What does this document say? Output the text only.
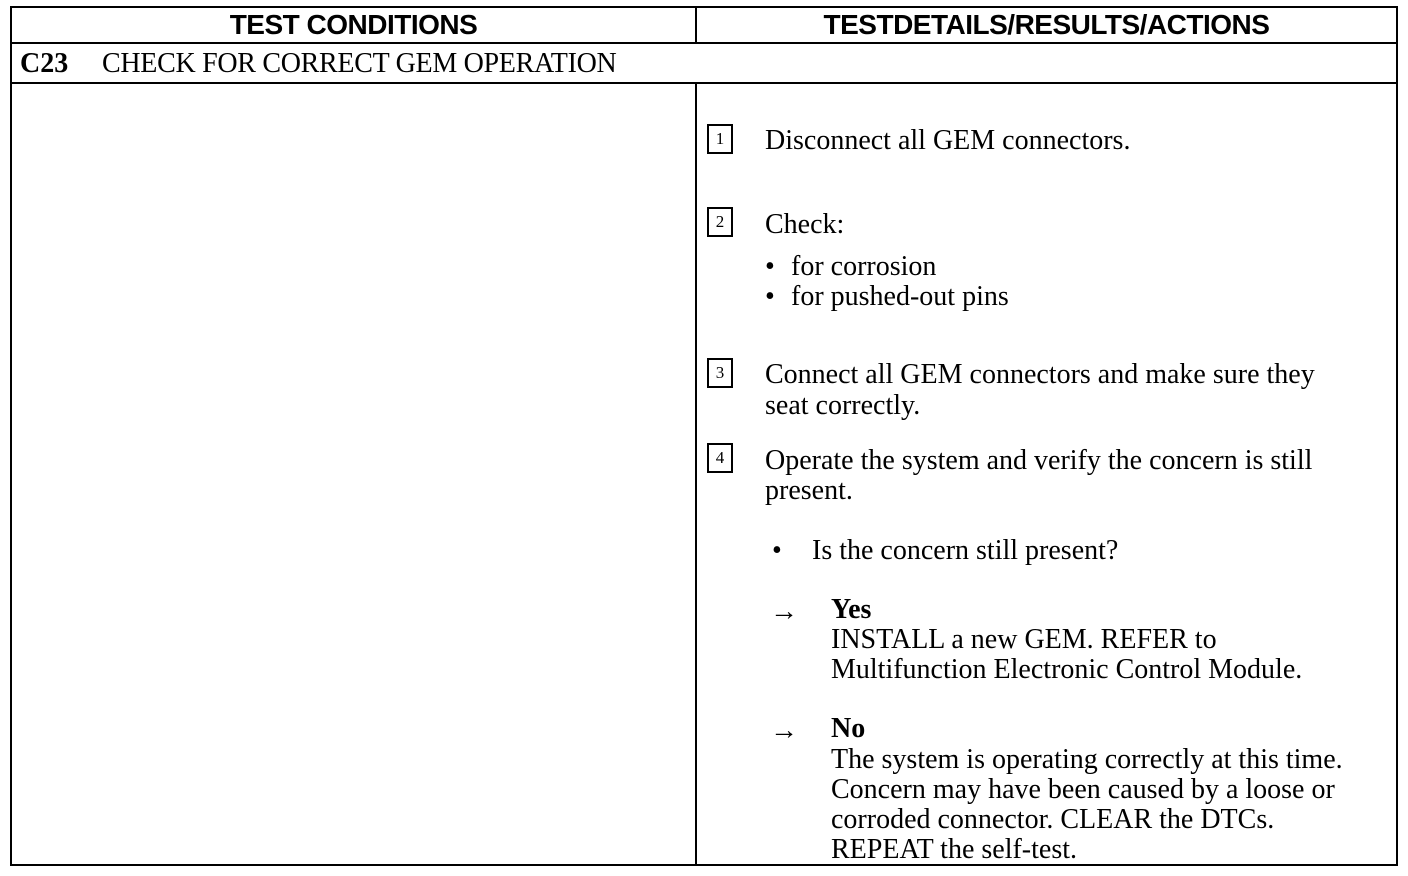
TEST CONDITIONS	TESTDETAILS/RESULTS/ACTIONS
C23 CHECK FOR CORRECT GEM OPERATION
1	Disconnect all GEM connectors.
2	Check:
• for corrosion
• for pushed-out pins
3	Connect all GEM connectors and make sure they
seat correctly.
4	Operate the system and verify the concern is still
present.
• Is the concern still present?
→ Yes
INSTALL a new GEM. REFER to
Multifunction Electronic Control Module.
→ No
The system is operating correctly at this time.
Concern may have been caused by a loose or
corroded connector. CLEAR the DTCs.
REPEAT the self-test.
